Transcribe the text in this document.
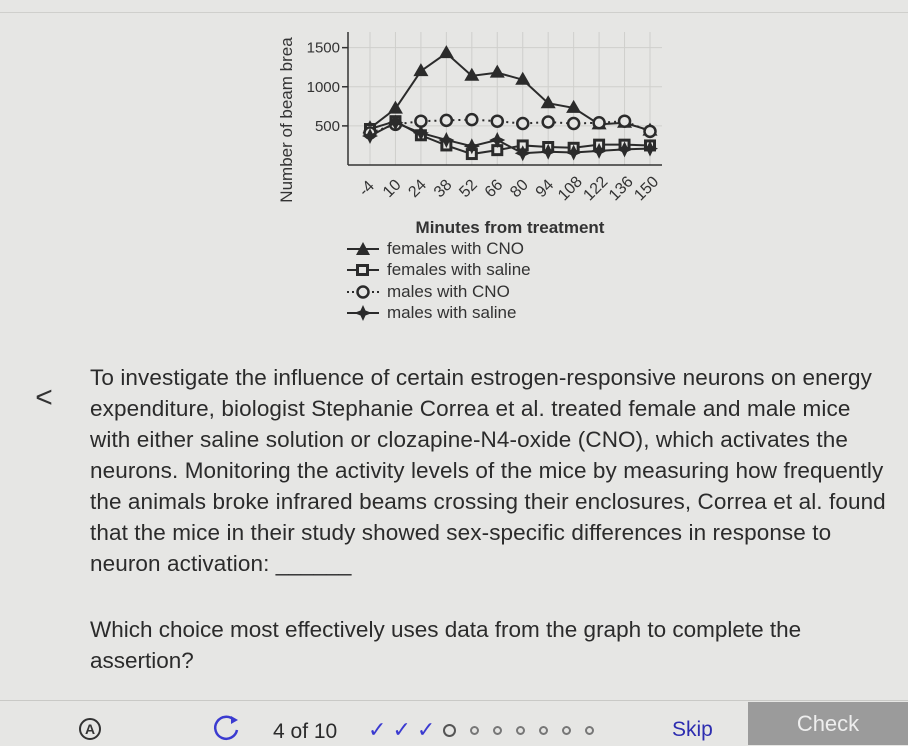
500
1000
1500
-4 10 24 38 52 66 80 94
108
122
136
150
Number of beam brea
Minutes from treatment
females with CNO
females with saline
males with CNO
males with saline
<
To investigate the influence of certain estrogen-responsive neurons on energy expenditure, biologist Stephanie Correa et al. treated female and male mice with either saline solution or clozapine-N4-oxide (CNO), which activates the neurons. Monitoring the activity levels of the mice by measuring how frequently the animals broke infrared beams crossing their enclosures, Correa et al. found that the mice in their study showed sex-specific differences in response to neuron activation: ______
Which choice most effectively uses data from the graph to complete the assertion?
A	4 of 10 ✓ ✓ ✓	Skip	Check
